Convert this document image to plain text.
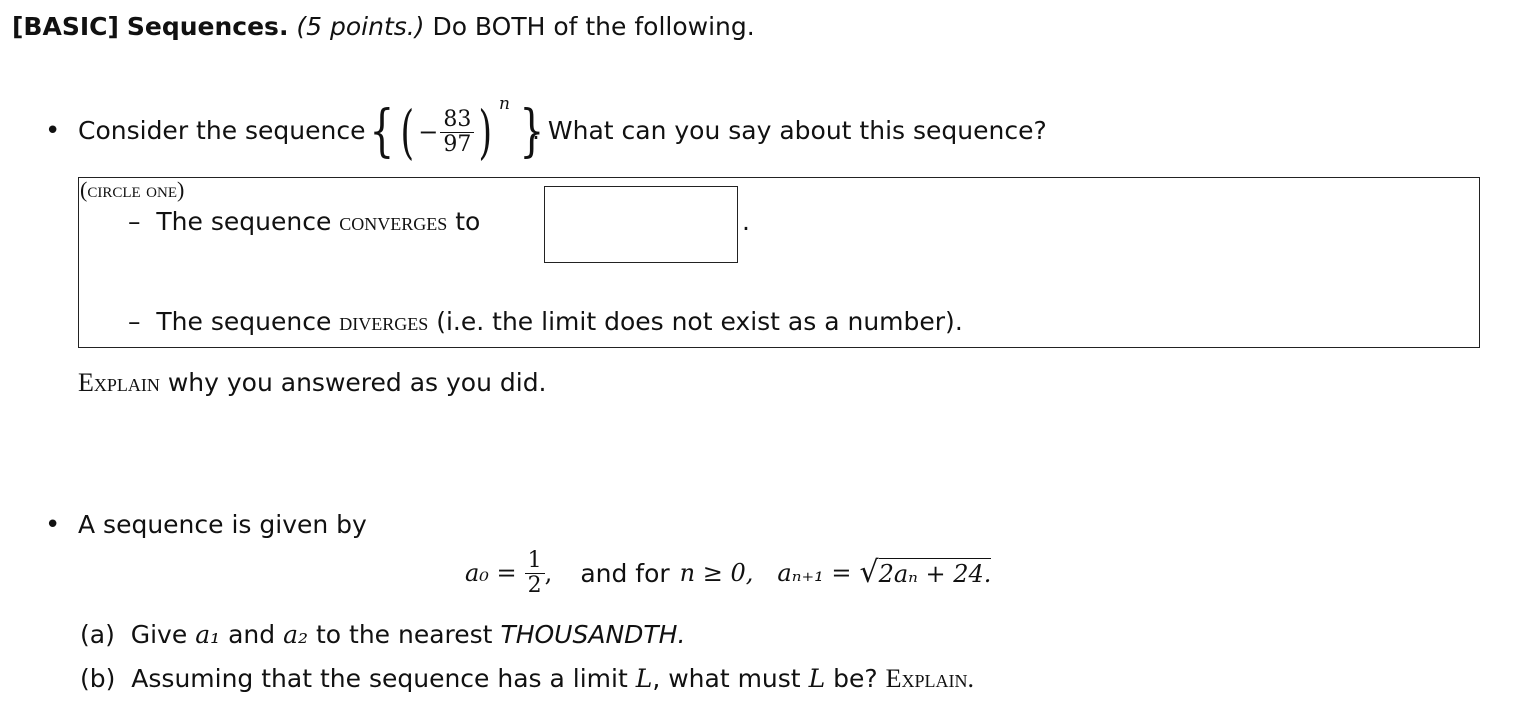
[BASIC] Sequences. (5 points.) Do BOTH of the following.
• Consider the sequence { ( − $\frac{83}{97}$ ) n }
. What can you say about this sequence?
(circle one)
–  The sequence converges to	.
–  The sequence diverges (i.e. the limit does not exist as a number).
Explain why you answered as you did.
• A sequence is given by
$a_0 = \frac{1}{2}$ , and for n ≥ 0, aₙ₊₁ = √ 2aₙ + 24.
(a) Give a₁ and a₂ to the nearest THOUSANDTH.
(b) Assuming that the sequence has a limit L, what must L be? Explain.
